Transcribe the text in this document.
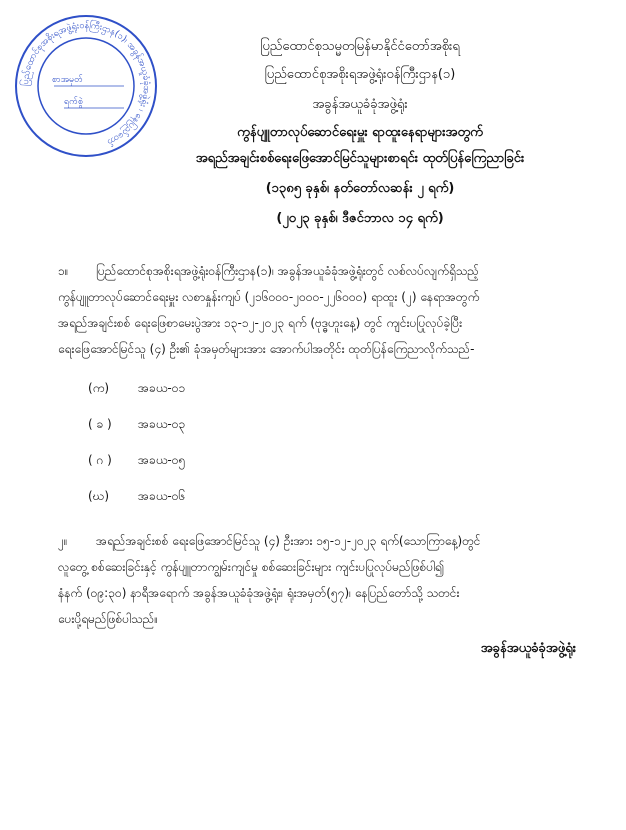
ပြည်ထောင်စုအစိုးရအဖွဲ့ရုံးဝန်ကြီးဌာန(၁)၊ အခွန်အယူခံခုံအဖွဲ့ရုံး ၊ နေပြည်တော်
စာအမှတ်
ရက်စွဲ
ပြည်ထောင်စုသမ္မတမြန်မာနိုင်ငံတော်အစိုးရ
ပြည်ထောင်စုအစိုးရအဖွဲ့ရုံးဝန်ကြီးဌာန(၁)
အခွန်အယူခံခုံအဖွဲ့ရုံး
ကွန်ပျူတာလုပ်ဆောင်ရေးမှူး ရာထူးနေရာများအတွက်
အရည်အချင်းစစ်ရေးဖြေအောင်မြင်သူများစာရင်း ထုတ်ပြန်ကြေညာခြင်း
(၁၃၈၅ ခုနှစ်၊ နတ်တော်လဆန်း ၂ ရက်)
(၂၀၂၃ ခုနှစ်၊ ဒီဇင်ဘာလ ၁၄ ရက်)
၁။ ပြည်ထောင်စုအစိုးရအဖွဲ့ရုံးဝန်ကြီးဌာန(၁)၊ အခွန်အယူခံခုံအဖွဲ့ရုံးတွင် လစ်လပ်လျက်ရှိသည့်
ကွန်ပျူတာလုပ်ဆောင်ရေးမှူး လစာနှုန်းကျပ် (၂၁၆၀၀၀-၂၀၀၀-၂၂၆၀၀၀) ရာထူး (၂) နေရာအတွက်
အရည်အချင်းစစ် ရေးဖြေစာမေးပွဲအား ၁၃-၁၂-၂၀၂၃ ရက် (ဗုဒ္ဓဟူးနေ့) တွင် ကျင်းပပြုလုပ်ခဲ့ပြီး
ရေးဖြေအောင်မြင်သူ (၄) ဦး၏ ခုံအမှတ်များအား အောက်ပါအတိုင်း ထုတ်ပြန်ကြေညာလိုက်သည်-
(က) အခယ-၀၁
( ခ ) အခယ-၀၃
( ဂ ) အခယ-၀၅
(ဃ) အခယ-၀၆
၂။ အရည်အချင်းစစ် ရေးဖြေအောင်မြင်သူ (၄) ဦးအား ၁၅-၁၂-၂၀၂၃ ရက်(သောကြာနေ့)တွင်
လူတွေ့ စစ်ဆေးခြင်းနှင့် ကွန်ပျူတာကျွမ်းကျင်မှု စစ်ဆေးခြင်းများ ကျင်းပပြုလုပ်မည်ဖြစ်ပါ၍
နံနက် (၀၉:၃၀) နာရီအရောက် အခွန်အယူခံခုံအဖွဲ့ရုံး၊ ရုံးအမှတ်(၅၇)၊ နေပြည်တော်သို့ သတင်း
ပေးပို့ရမည်ဖြစ်ပါသည်။
အခွန်အယူခံခုံအဖွဲ့ရုံး
